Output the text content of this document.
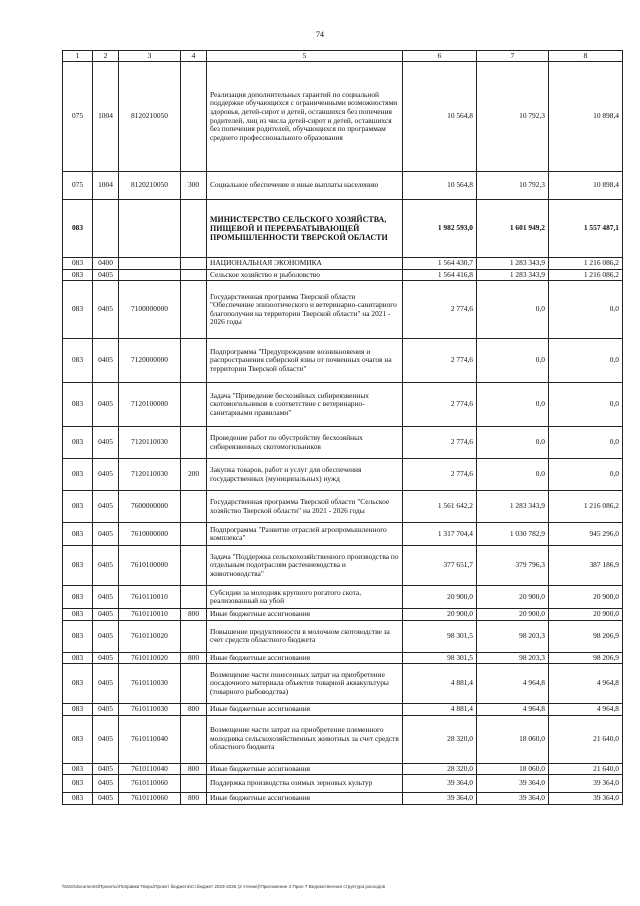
74
1	2	3	4	5	6	7	8
075	1004	8120210050		Реализация дополнительных гарантий по социальной поддержке обучающихся с ограниченными возможностями здоровья, детей-сирот и детей, оставшихся без попечения родителей, лиц из числа детей-сирот и детей, оставшихся без попечения родителей, обучающихся по программам среднего профессионального образования	10 564,8	10 792,3	10 898,4
075	1004	8120210050	300	Социальное обеспечение и иные выплаты населению	10 564,8	10 792,3	10 898,4
083				МИНИСТЕРСТВО СЕЛЬСКОГО ХОЗЯЙСТВА, ПИЩЕВОЙ И ПЕРЕРАБАТЫВАЮЩЕЙ ПРОМЫШЛЕННОСТИ ТВЕРСКОЙ ОБЛАСТИ	1 982 593,0	1 601 949,2	1 557 487,1
083	0400			НАЦИОНАЛЬНАЯ ЭКОНОМИКА	1 564 430,7	1 283 343,9	1 216 086,2
083	0405			Сельское хозяйство и рыболовство	1 564 416,8	1 283 343,9	1 216 086,2
083	0405	7100000000		Государственная программа Тверской области "Обеспечение эпизоотического и ветеринарно-санитарного благополучия на территории Тверской области" на 2021 - 2026 годы	2 774,6	0,0	0,0
083	0405	7120000000		Подпрограмма "Предупреждение возникновения и распространения сибирской язвы от почвенных очагов на территории Тверской области"	2 774,6	0,0	0,0
083	0405	7120100000		Задача "Приведение бесхозяйных сибиреязвенных скотомогильников в соответствие с ветеринарно-санитарными правилами"	2 774,6	0,0	0,0
083	0405	7120110030		Проведение работ по обустройству бесхозяйных сибиреязвенных скотомогильников	2 774,6	0,0	0,0
083	0405	7120110030	200	Закупка товаров, работ и услуг для обеспечения государственных (муниципальных) нужд	2 774,6	0,0	0,0
083	0405	7600000000		Государственная программа Тверской области "Сельское хозяйство Тверской области" на 2021 - 2026 годы	1 561 642,2	1 283 343,9	1 216 086,2
083	0405	7610000000		Подпрограмма "Развитие отраслей агропромышленного комплекса"	1 317 704,4	1 030 782,9	945 296,0
083	0405	7610100000		Задача "Поддержка сельскохозяйственного производства по отдельным подотраслям растениеводства и животноводства"	377 651,7	379 796,3	387 186,9
083	0405	7610110010		Субсидии за молодняк крупного рогатого скота, реализованный на убой	20 900,0	20 900,0	20 900,0
083	0405	7610110010	800	Иные бюджетные ассигнования	20 900,0	20 900,0	20 900,0
083	0405	7610110020		Повышение продуктивности в молочном скотоводстве за счет средств областного бюджета	98 301,5	98 203,3	98 206,9
083	0405	7610110020	800	Иные бюджетные ассигнования	98 301,5	98 203,3	98 206,9
083	0405	7610110030		Возмещение части понесенных затрат на приобретение посадочного материала объектов товарной аквакультуры (товарного рыбоводства)	4 881,4	4 964,8	4 964,8
083	0405	7610110030	800	Иные бюджетные ассигнования	4 881,4	4 964,8	4 964,8
083	0405	7610110040		Возмещение части затрат на приобретение племенного молодняка сельскохозяйственных животных за счет средств областного бюджета	28 320,0	18 060,0	21 640,0
083	0405	7610110040	800	Иные бюджетные ассигнования	28 320,0	18 060,0	21 640,0
083	0405	7610110060		Поддержка производства озимых зерновых культур	39 364,0	39 364,0	39 364,0
083	0405	7610110060	800	Иные бюджетные ассигнования	39 364,0	39 364,0	39 364,0
\\NSS\documents\Проекты\Поправки Тверь\Проект бюджета\Ст.бюджет 2023-2025 (2 чтение)\Приложение 4 Прил 7 Ведомственная структура расходов
